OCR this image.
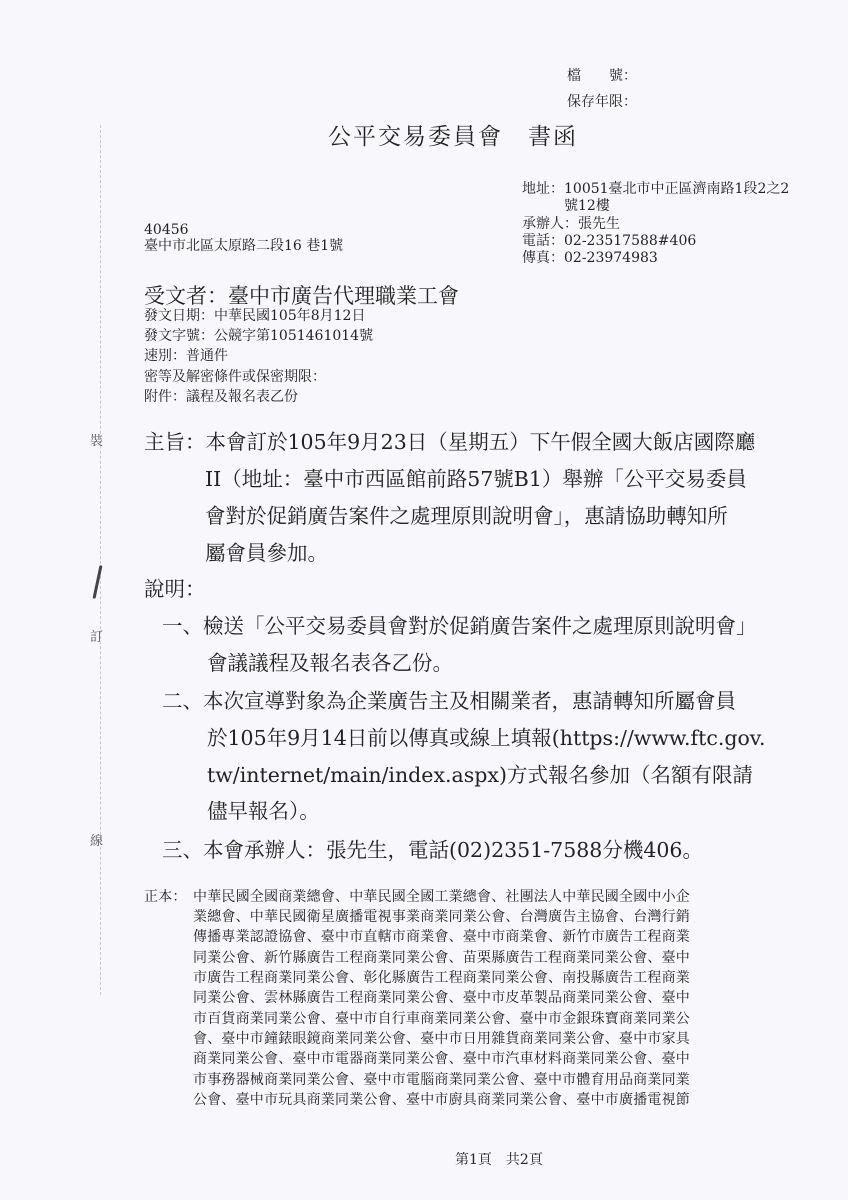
檔　　號：
保存年限：
公平交易委員會　書函
地址：10051臺北市中正區濟南路1段2之2
號12樓
承辦人：張先生
電話：02-23517588#406
傳真：02-23974983
40456
臺中市北區太原路二段16 巷1號
受文者：臺中市廣告代理職業工會
發文日期：中華民國105年8月12日
發文字號：公競字第1051461014號
速別：普通件
密等及解密條件或保密期限：
附件：議程及報名表乙份
裝
訂
線
主旨：本會訂於105年9月23日（星期五）下午假全國大飯店國際廳
II（地址：臺中市西區館前路57號B1）舉辦「公平交易委員
會對於促銷廣告案件之處理原則說明會」，惠請協助轉知所
屬會員參加。
說明：
一、檢送「公平交易委員會對於促銷廣告案件之處理原則說明會」
會議議程及報名表各乙份。
二、本次宣導對象為企業廣告主及相關業者，惠請轉知所屬會員
於105年9月14日前以傳真或線上填報(https://www.ftc.gov.
tw/internet/main/index.aspx)方式報名參加（名額有限請
儘早報名）。
三、本會承辦人：張先生，電話(02)2351-7588分機406。
正本： 中華民國全國商業總會、中華民國全國工業總會、社團法人中華民國全國中小企
業總會、中華民國衛星廣播電視事業商業同業公會、台灣廣告主協會、台灣行銷
傳播專業認證協會、臺中市直轄市商業會、臺中市商業會、新竹市廣告工程商業
同業公會、新竹縣廣告工程商業同業公會、苗栗縣廣告工程商業同業公會、臺中
市廣告工程商業同業公會、彰化縣廣告工程商業同業公會、南投縣廣告工程商業
同業公會、雲林縣廣告工程商業同業公會、臺中市皮革製品商業同業公會、臺中
市百貨商業同業公會、臺中市自行車商業同業公會、臺中市金銀珠寶商業同業公
會、臺中市鐘錶眼鏡商業同業公會、臺中市日用雜貨商業同業公會、臺中市家具
商業同業公會、臺中市電器商業同業公會、臺中市汽車材料商業同業公會、臺中
市事務器械商業同業公會、臺中市電腦商業同業公會、臺中市體育用品商業同業
公會、臺中市玩具商業同業公會、臺中市廚具商業同業公會、臺中市廣播電視節
第1頁　共2頁
